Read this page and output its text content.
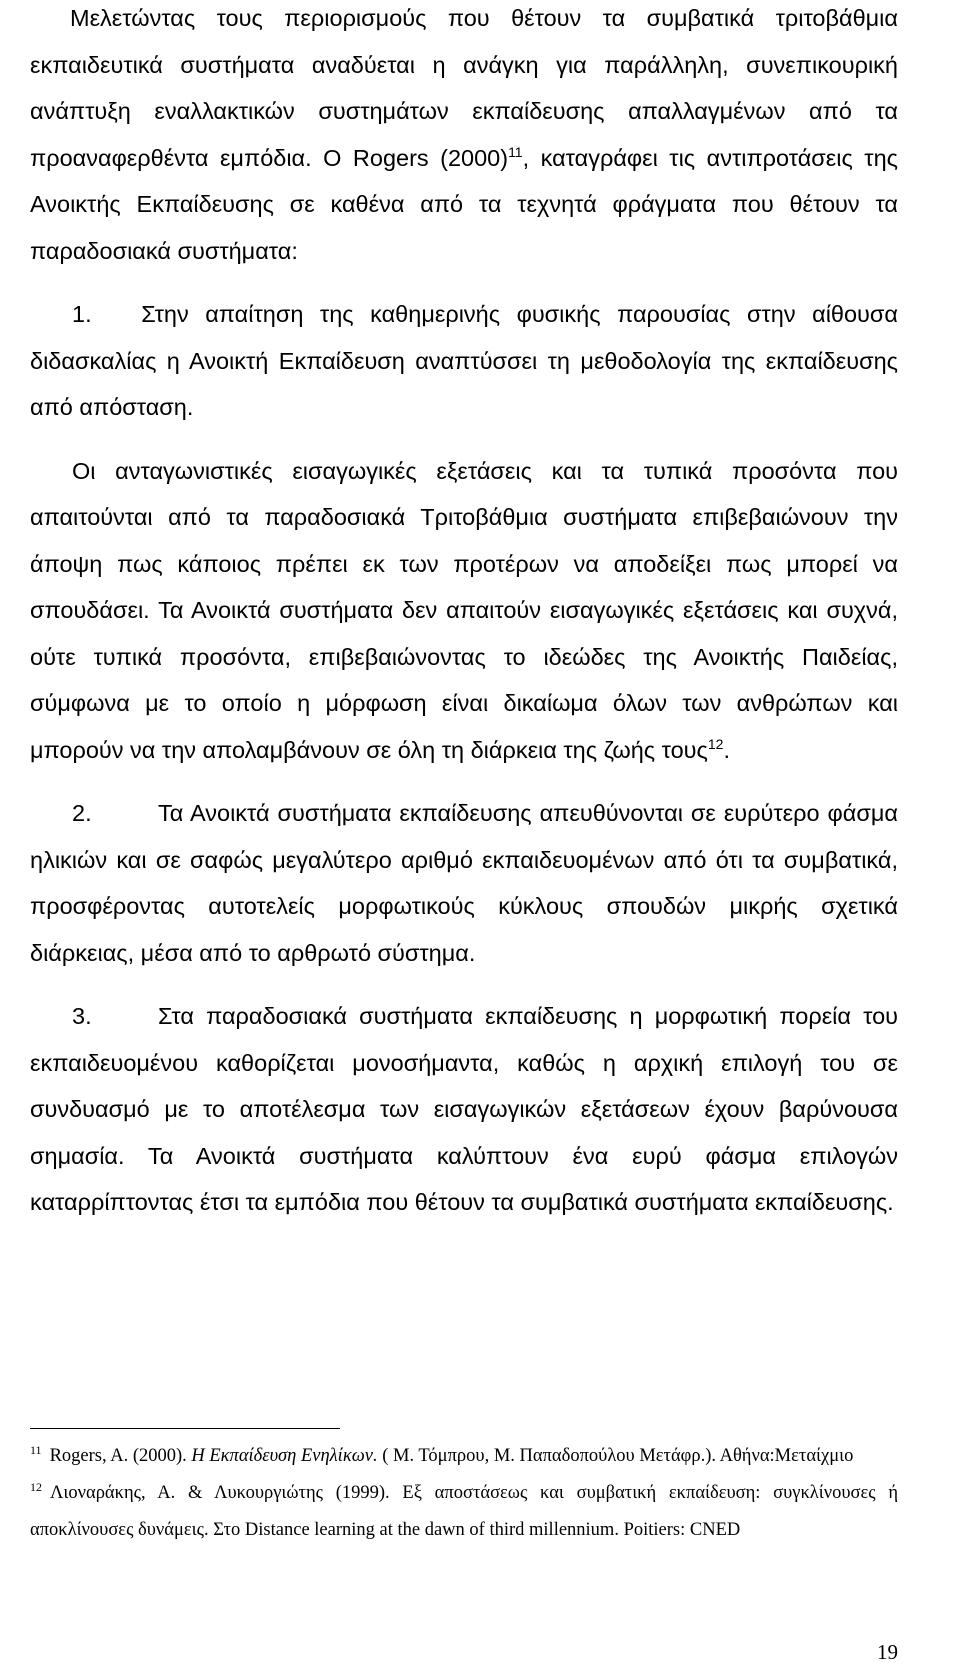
Μελετώντας τους περιορισμούς που θέτουν τα συμβατικά τριτοβάθμια εκπαιδευτικά συστήματα αναδύεται η ανάγκη για παράλληλη, συνεπικουρική ανάπτυξη εναλλακτικών συστημάτων εκπαίδευσης απαλλαγμένων από τα προαναφερθέντα εμπόδια. Ο Rogers $(2000)^{11}$, καταγράφει τις αντιπροτάσεις της Ανοικτής Εκπαίδευσης σε καθένα από τα τεχνητά φράγματα που θέτουν τα παραδοσιακά συστήματα:

1. Στην απαίτηση της καθημερινής φυσικής παρουσίας στην αίθουσα διδασκαλίας η Ανοικτή Εκπαίδευση αναπτύσσει τη μεθοδολογία της εκπαίδευσης από απόσταση.

Οι ανταγωνιστικές εισαγωγικές εξετάσεις και τα τυπικά προσόντα που απαιτούνται από τα παραδοσιακά Τριτοβάθμια συστήματα επιβεβαιώνουν την άποψη πως κάποιος πρέπει εκ των προτέρων να αποδείξει πως μπορεί να σπουδάσει. Τα Ανοικτά συστήματα δεν απαιτούν εισαγωγικές εξετάσεις και συχνά, ούτε τυπικά προσόντα, επιβεβαιώνοντας το ιδεώδες της Ανοικτής Παιδείας, σύμφωνα με το οποίο η μόρφωση είναι δικαίωμα όλων των ανθρώπων και μπορούν να την απολαμβάνουν σε όλη τη διάρκεια της ζωής τους$^{12}$.

2.	Τα Ανοικτά συστήματα εκπαίδευσης απευθύνονται σε ευρύτερο φάσμα ηλικιών και σε σαφώς μεγαλύτερο αριθμό εκπαιδευομένων από ότι τα συμβατικά, προσφέροντας αυτοτελείς μορφωτικούς κύκλους σπουδών μικρής σχετικά διάρκειας, μέσα από το αρθρωτό σύστημα.

3.	Στα παραδοσιακά συστήματα εκπαίδευσης η μορφωτική πορεία του εκπαιδευομένου καθορίζεται μονοσήμαντα, καθώς η αρχική επιλογή του σε συνδυασμό με το αποτέλεσμα των εισαγωγικών εξετάσεων έχουν βαρύνουσα σημασία. Τα Ανοικτά συστήματα καλύπτουν ένα ευρύ φάσμα επιλογών καταρρίπτοντας έτσι τα εμπόδια που θέτουν τα συμβατικά συστήματα εκπαίδευσης.

$^{11}$ Rogers, A. (2000). Η Εκπαίδευση Ενηλίκων. ( Μ. Τόμπρου, Μ. Παπαδοπούλου Μετάφρ.). Αθήνα:Μεταίχμιο

$^{12}$ Λιοναράκης, Α. & Λυκουργιώτης (1999). Εξ αποστάσεως και συμβατική εκπαίδευση: συγκλίνουσες ή αποκλίνουσες δυνάμεις. Στο Distance learning at the dawn of third millennium. Poitiers: CNED

19
